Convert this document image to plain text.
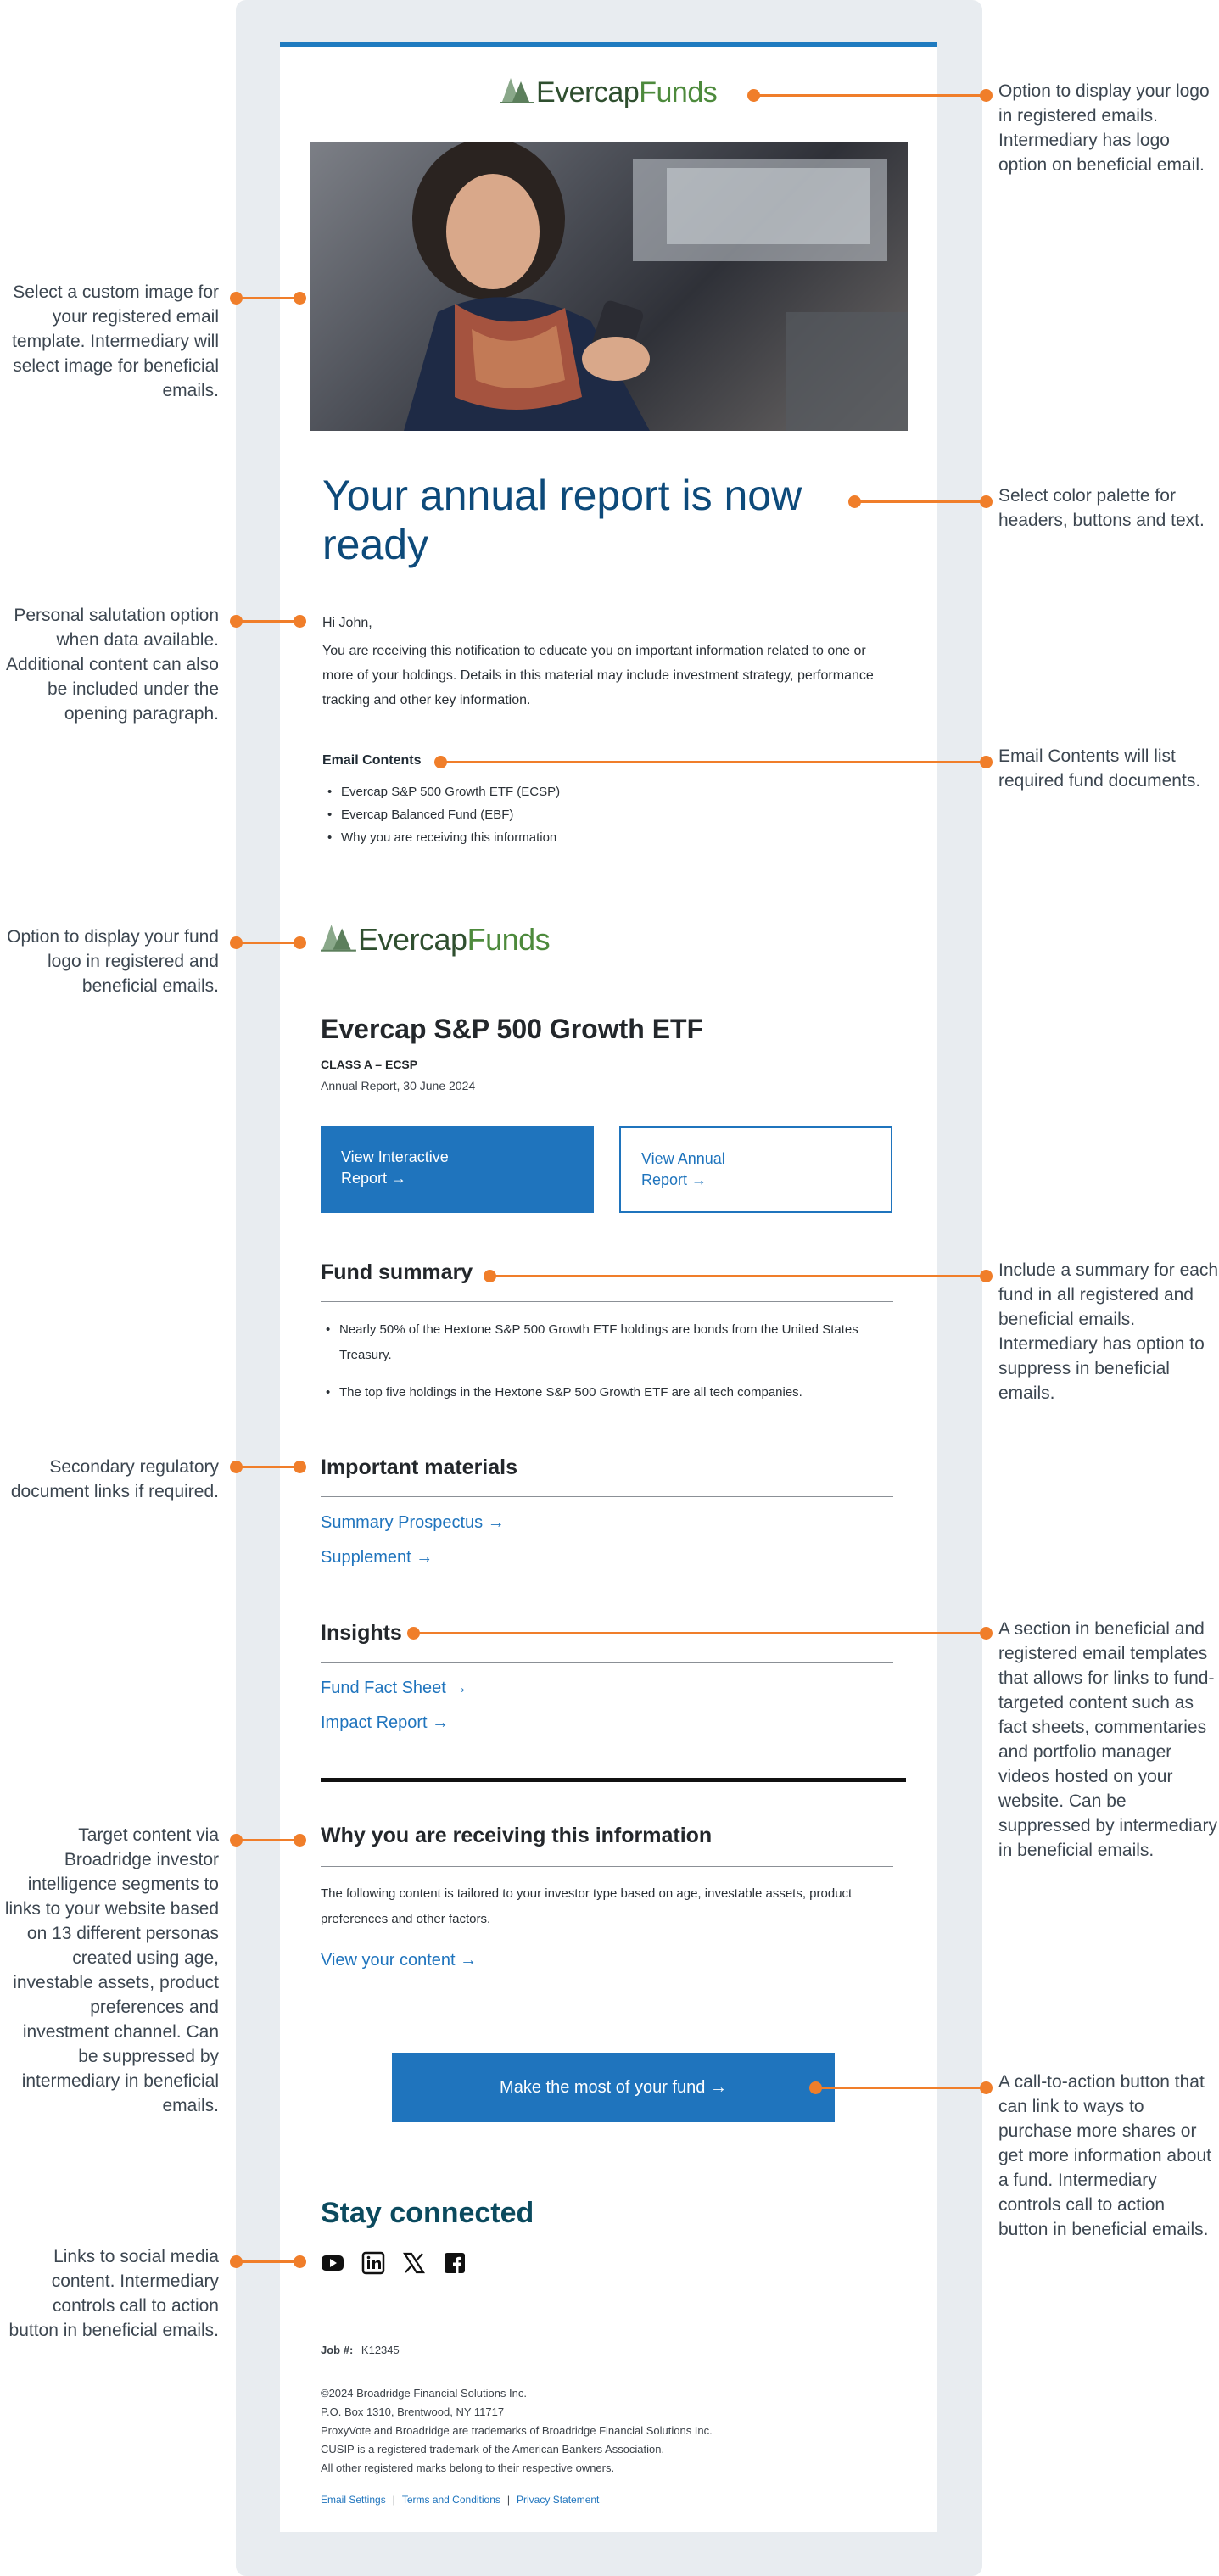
EvercapFunds
Your annual report is now ready
Hi John,
You are receiving this notification to educate you on important information related to one or more of your holdings. Details in this material may include investment strategy, performance tracking and other key information.
Email Contents
• Evercap S&P 500 Growth ETF (ECSP)
• Evercap Balanced Fund (EBF)
• Why you are receiving this information
EvercapFunds
Evercap S&P 500 Growth ETF
CLASS A – ECSP
Annual Report, 30 June 2024
View Interactive Report →
View Annual Report →
Fund summary
• Nearly 50% of the Hextone S&P 500 Growth ETF holdings are bonds from the United States Treasury.
• The top five holdings in the Hextone S&P 500 Growth ETF are all tech companies.
Important materials
Summary Prospectus →
Supplement →
Insights
Fund Fact Sheet →
Impact Report →
Why you are receiving this information
The following content is tailored to your investor type based on age, investable assets, product preferences and other factors.
View your content →
Make the most of your fund →
Stay connected
Job #: K12345
©2024 Broadridge Financial Solutions Inc.
P.O. Box 1310, Brentwood, NY 11717
ProxyVote and Broadridge are trademarks of Broadridge Financial Solutions Inc.
CUSIP is a registered trademark of the American Bankers Association.
All other registered marks belong to their respective owners.
Email Settings | Terms and Conditions | Privacy Statement
Option to display your logo in registered emails. Intermediary has logo option on beneficial email.
Select a custom image for your registered email template. Intermediary will select image for beneficial emails.
Select color palette for headers, buttons and text.
Personal salutation option when data available. Additional content can also be included under the opening paragraph.
Email Contents will list required fund documents.
Option to display your fund logo in registered and beneficial emails.
Include a summary for each fund in all registered and beneficial emails. Intermediary has option to suppress in beneficial emails.
Secondary regulatory document links if required.
A section in beneficial and registered email templates that allows for links to fund-targeted content such as fact sheets, commentaries and portfolio manager videos hosted on your website. Can be suppressed by intermediary in beneficial emails.
Target content via Broadridge investor intelligence segments to links to your website based on 13 different personas created using age, investable assets, product preferences and investment channel. Can be suppressed by intermediary in beneficial emails.
A call-to-action button that can link to ways to purchase more shares or get more information about a fund. Intermediary controls call to action button in beneficial emails.
Links to social media content. Intermediary controls call to action button in beneficial emails.
